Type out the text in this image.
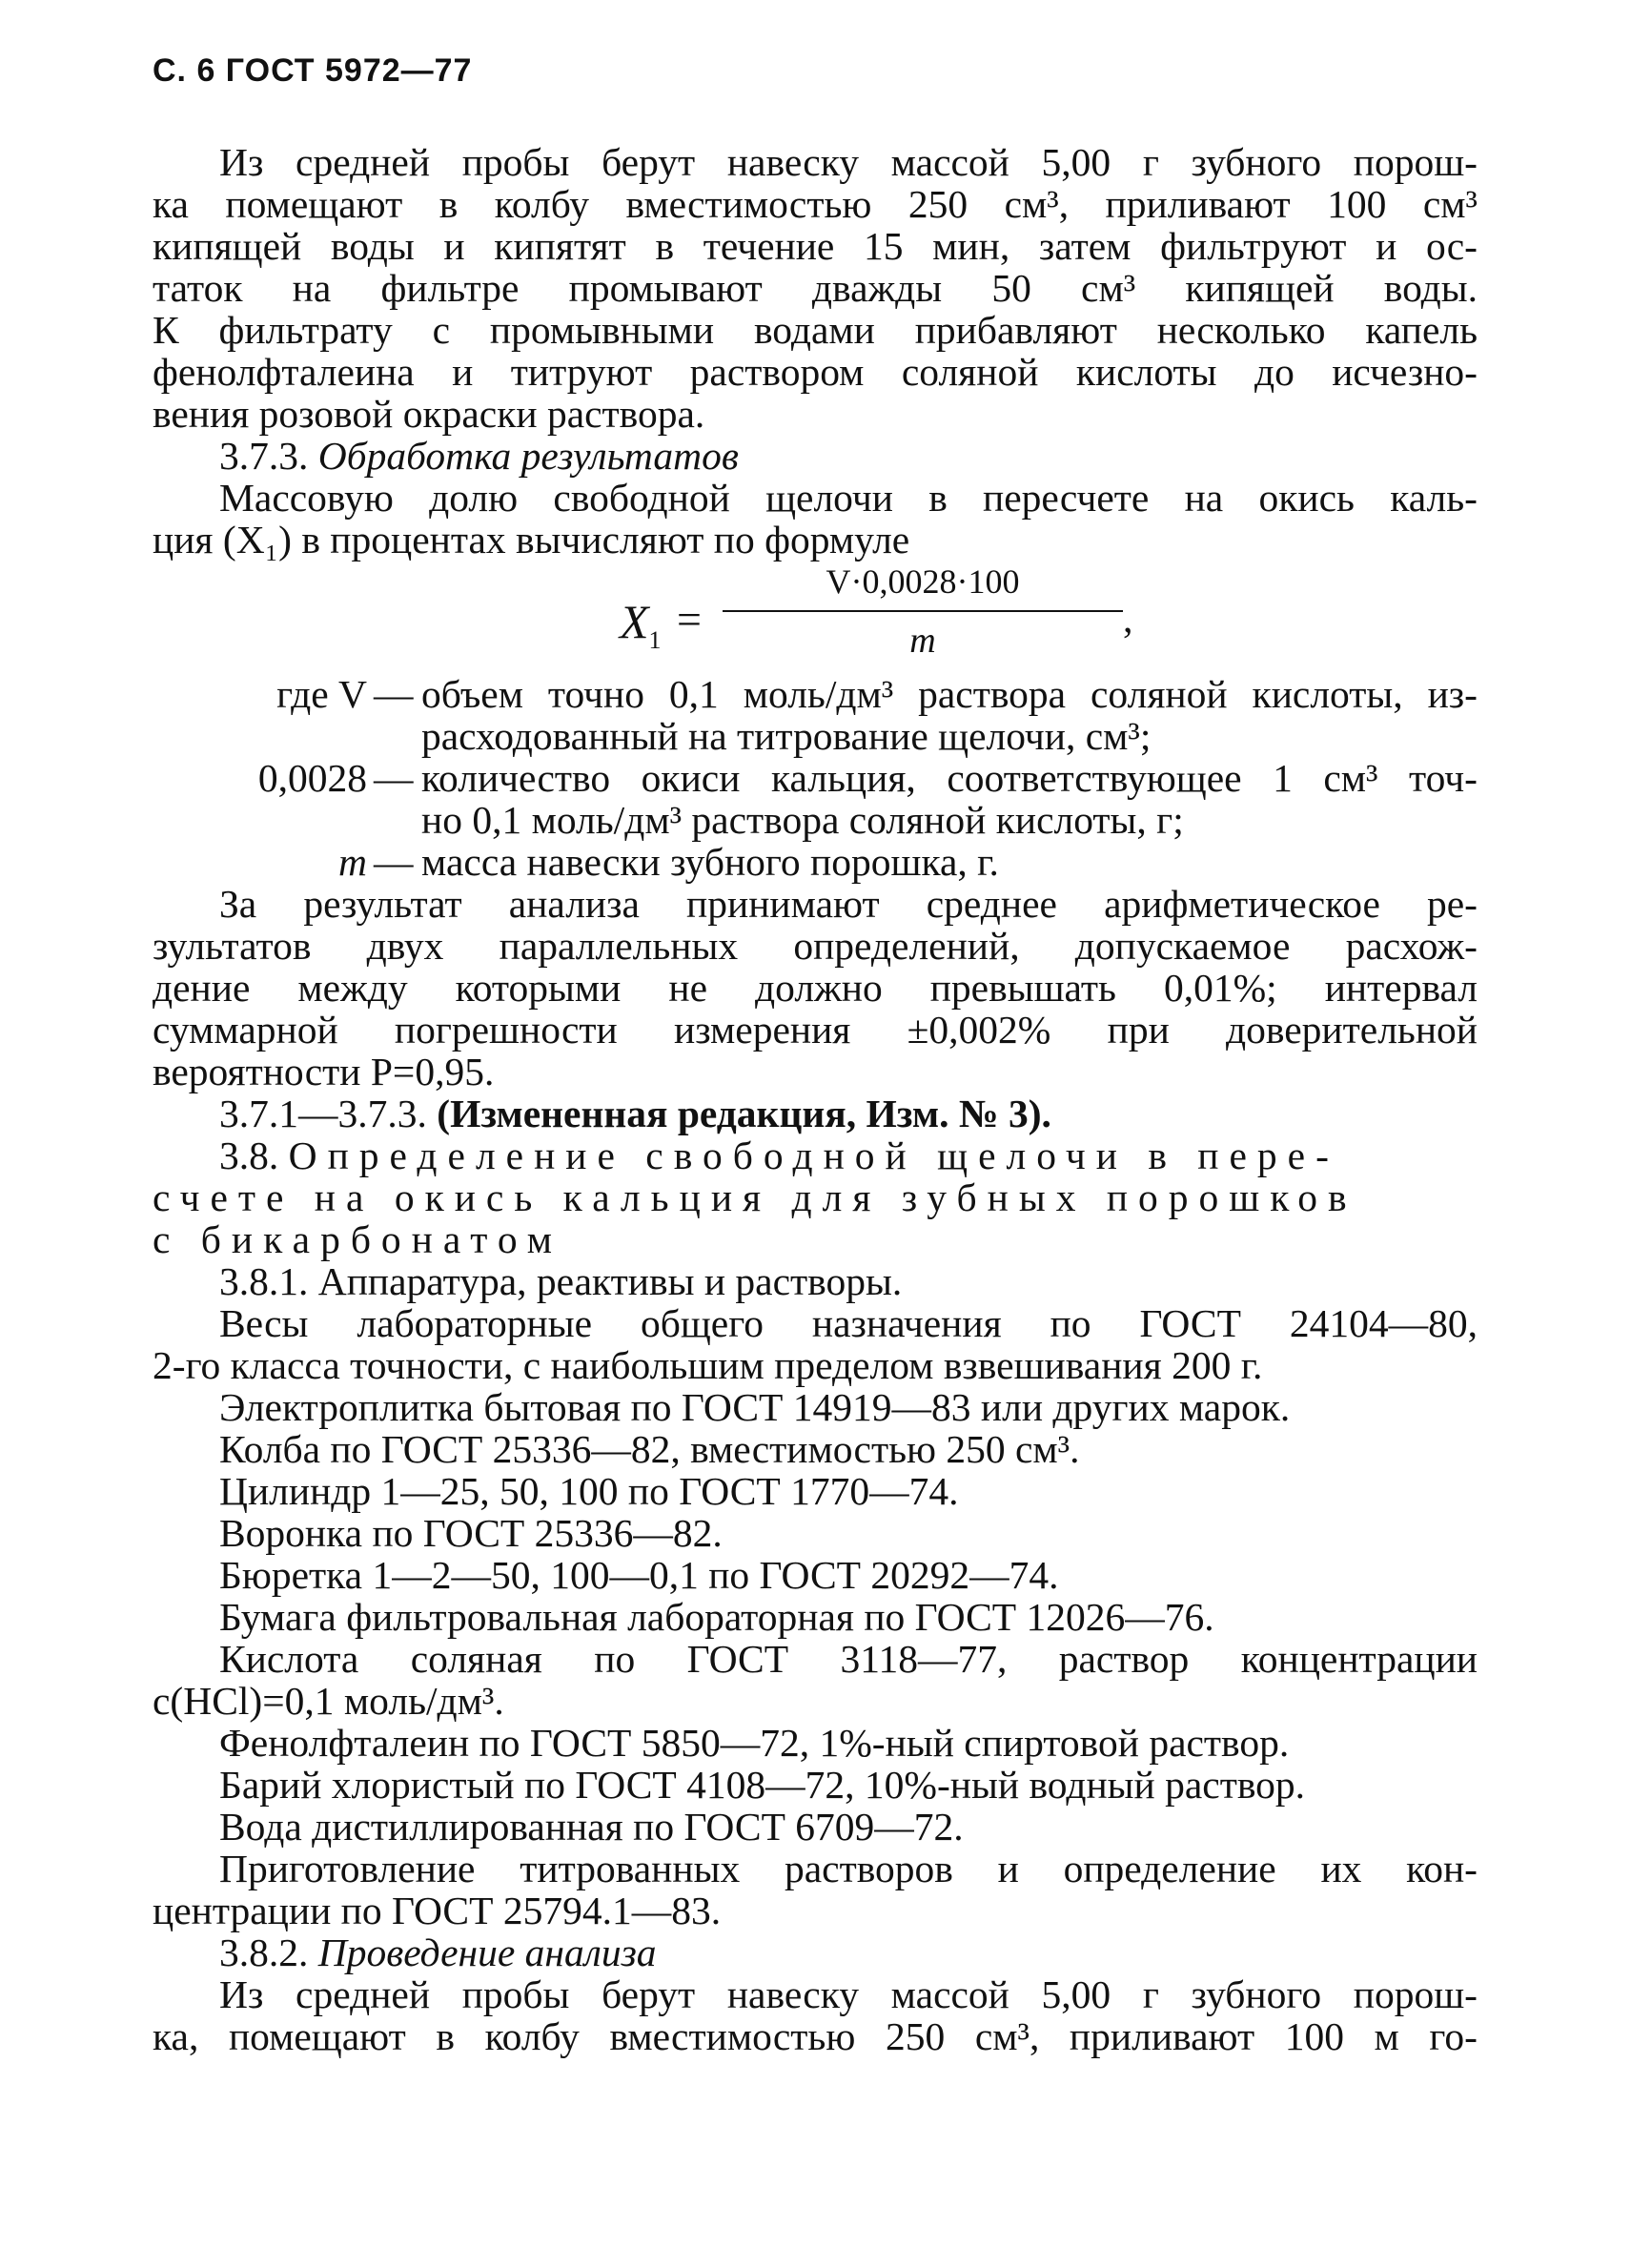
С. 6 ГОСТ 5972—77
Из средней пробы берут навеску массой 5,00 г зубного порош-
ка помещают в колбу вместимостью 250 см³, приливают 100 см³
кипящей воды и кипятят в течение 15 мин, затем фильтруют и ос-
таток на фильтре промывают дважды 50 см³ кипящей воды.
К фильтрату с промывными водами прибавляют несколько капель
фенолфталеина и титруют раствором соляной кислоты до исчезно-
вения розовой окраски раствора.
3.7.3. Обработка результатов
Массовую долю свободной щелочи в пересчете на окись каль-
ция (X₁) в процентах вычисляют по формуле
$X_1$ =
V·0,0028·100
m	,
где V — объем точно 0,1 моль/дм³ раствора соляной кислоты, из-
расходованный на титрование щелочи, см³;
0,0028 — количество окиси кальция, соответствующее 1 см³ точ-
но 0,1 моль/дм³ раствора соляной кислоты, г;
m — масса навески зубного порошка, г.
За результат анализа принимают среднее арифметическое ре-
зультатов двух параллельных определений, допускаемое расхож-
дение между которыми не должно превышать 0,01%; интервал
суммарной погрешности измерения ±0,002% при доверительной
вероятности Р=0,95.
3.7.1—3.7.3. (Измененная редакция, Изм. № 3).
3.8. Определение свободной щелочи в пере-
счете на окись кальция для зубных порошков
с бикарбонатом
3.8.1. Аппаратура, реактивы и растворы.
Весы лабораторные общего назначения по ГОСТ 24104—80,
2-го класса точности, с наибольшим пределом взвешивания 200 г.
Электроплитка бытовая по ГОСТ 14919—83 или других марок.
Колба по ГОСТ 25336—82, вместимостью 250 см³.
Цилиндр 1—25, 50, 100 по ГОСТ 1770—74.
Воронка по ГОСТ 25336—82.
Бюретка 1—2—50, 100—0,1 по ГОСТ 20292—74.
Бумага фильтровальная лабораторная по ГОСТ 12026—76.
Кислота соляная по ГОСТ 3118—77, раствор концентрации
c(HCl)=0,1 моль/дм³.
Фенолфталеин по ГОСТ 5850—72, 1%-ный спиртовой раствор.
Барий хлористый по ГОСТ 4108—72, 10%-ный водный раствор.
Вода дистиллированная по ГОСТ 6709—72.
Приготовление титрованных растворов и определение их кон-
центрации по ГОСТ 25794.1—83.
3.8.2. Проведение анализа
Из средней пробы берут навеску массой 5,00 г зубного порош-
ка, помещают в колбу вместимостью 250 см³, приливают 100 м го-
